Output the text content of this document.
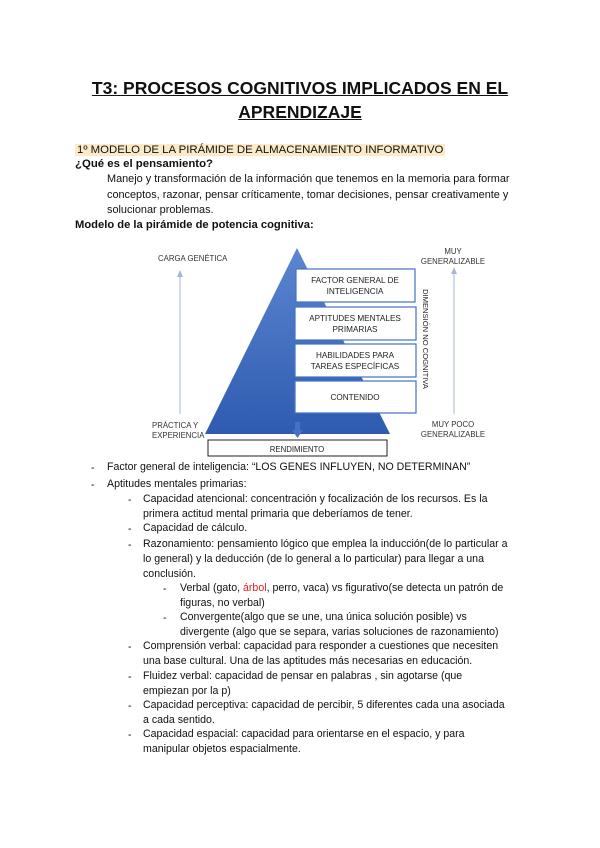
T3: PROCESOS COGNITIVOS IMPLICADOS EN EL APRENDIZAJE
1º MODELO DE LA PIRÁMIDE DE ALMACENAMIENTO INFORMATIVO
¿Qué es el pensamiento?
Manejo y transformación de la información que tenemos en la memoria para formar conceptos, razonar, pensar críticamente, tomar decisiones, pensar creativamente y solucionar problemas.
Modelo de la pirámide de potencia cognitiva:
FACTOR GENERAL DE
INTELIGENCIA
APTITUDES MENTALES
PRIMARIAS
HABILIDADES PARA
TAREAS ESPECÍFICAS
CONTENIDO
DIMENSIÓN NO COGNITIVA
CARGA GENÉTICA
PRÁCTICA Y
EXPERIENCIA
MUY
GENERALIZABLE
MUY POCO
GENERALIZABLE
RENDIMIENTO
- Factor general de inteligencia: “LOS GENES INFLUYEN, NO DETERMINAN”
- Aptitudes mentales primarias:
- Capacidad atencional: concentración y focalización de los recursos. Es la
primera actitud mental primaria que deberíamos de tener.
- Capacidad de cálculo.
- Razonamiento: pensamiento lógico que emplea la inducción(de lo particular a
lo general) y la deducción (de lo general a lo particular) para llegar a una
conclusión.
- Verbal (gato, árbol, perro, vaca) vs figurativo(se detecta un patrón de
figuras, no verbal)
- Convergente(algo que se une, una única solución posible) vs
divergente (algo que se separa, varias soluciones de razonamiento)
- Comprensión verbal: capacidad para responder a cuestiones que necesiten
una base cultural. Una de las aptitudes más necesarias en educación.
- Fluidez verbal: capacidad de pensar en palabras , sin agotarse (que
empiezan por la p)
- Capacidad perceptiva: capacidad de percibir, 5 diferentes cada una asociada
a cada sentido.
- Capacidad espacial: capacidad para orientarse en el espacio, y para
manipular objetos espacialmente.
